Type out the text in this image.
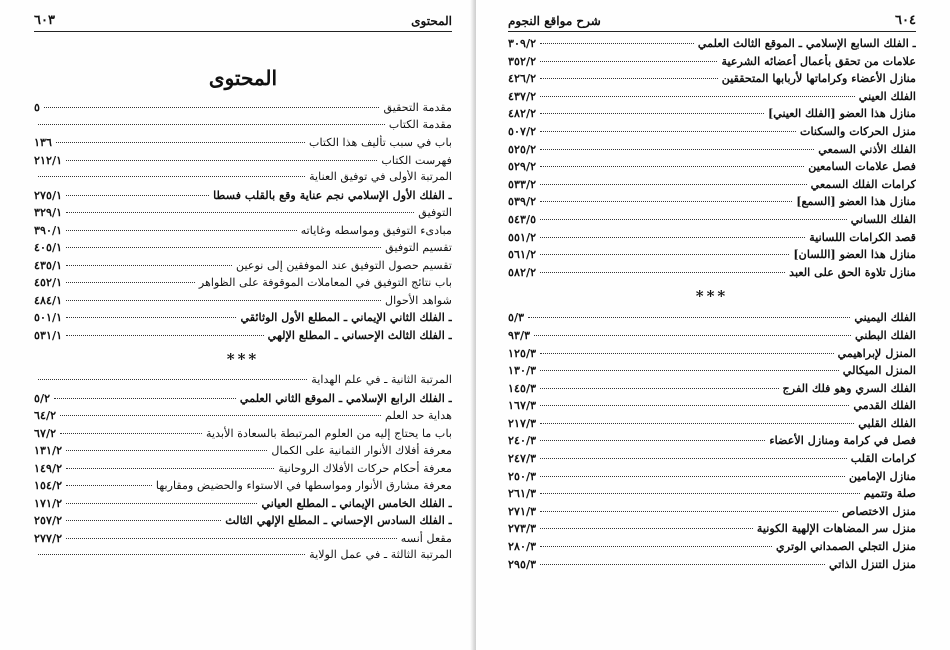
٦٠٣	المحتوى
المحتوى
مقدمة التحقيق
٥
مقدمة الكتاب
باب في سبب تأليف هذا الكتاب
١٣٦
فهرست الكتاب
٢١٢/١
المرتبة الأولى في توفيق العناية
ـ الفلك الأول الإسلامي نجم عناية وقع بالقلب فسطا
٢٧٥/١
التوفيق
٣٢٩/١
مبادىء التوفيق ومواسطه وغاياته
٣٩٠/١
تقسيم التوفيق
٤٠٥/١
تقسيم حصول التوفيق عند الموفقين إلى نوعين
٤٣٥/١
باب نتائج التوفيق في المعاملات الموقوفة على الظواهر
٤٥٢/١
شواهد الأحوال
٤٨٤/١
ـ الفلك الثاني الإيماني ـ المطلع الأول الوثائقي
٥٠١/١
ـ الفلك الثالث الإحساني ـ المطلع الإلهي
٥٣١/١
***
المرتبة الثانية ـ في علم الهداية
ـ الفلك الرابع الإسلامي ـ الموقع الثاني العلمي
٥/٢
هداية حد العلم
٦٤/٢
باب ما يحتاج إليه من العلوم المرتبطة بالسعادة الأبدية
٦٧/٢
معرفة أفلاك الأنوار الثمانية على الكمال
١٣١/٢
معرفة أحكام حركات الأفلاك الروحانية
١٤٩/٢
معرفة مشارق الأنوار ومواسطها في الاستواء والحضيض ومقاربها
١٥٤/٢
ـ الفلك الخامس الإيماني ـ المطلع العياني
١٧١/٢
ـ الفلك السادس الإحساني ـ المطلع الإلهي الثالث
٢٥٧/٢
مقعل أنسه
٢٧٧/٢
المرتبة الثالثة ـ في عمل الولاية
شرح مواقع النجوم	٦٠٤
ـ الفلك السابع الإسلامي ـ الموقع الثالث العلمي
٣٠٩/٢
علامات من تحقق بأعمال أعضائه الشرعية
٣٥٢/٢
منازل الأعضاء وكراماتها لأربابها المتحققين
٤٢٦/٢
الفلك العيني
٤٣٧/٢
منازل هذا العضو [الفلك العيني]
٤٨٢/٢
منزل الحركات والسكنات
٥٠٧/٢
الفلك الأذني السمعي
٥٢٥/٢
فصل علامات السامعين
٥٢٩/٢
كرامات الفلك السمعي
٥٣٣/٢
منازل هذا العضو [السمع]
٥٣٩/٢
الفلك اللساني
٥٤٣/٥
قصد الكرامات اللسانية
٥٥١/٢
منازل هذا العضو [اللسان]
٥٦١/٢
منازل تلاوة الحق على العبد
٥٨٢/٢
***
الفلك اليميني
٥/٣
الفلك البطني
٩٣/٣
المنزل لإبراهيمي
١٢٥/٣
المنزل الميكالي
١٣٠/٣
الفلك السري وهو فلك الفرج
١٤٥/٣
الفلك القدمي
١٦٧/٣
الفلك القلبي
٢١٧/٣
فصل في كرامة ومنازل الأعضاء
٢٤٠/٣
كرامات القلب
٢٤٧/٣
منازل الإمامين
٢٥٠/٣
صلة وتتميم
٢٦١/٣
منزل الاختصاص
٢٧١/٣
منزل سر المضاهات الإلهية الكونية
٢٧٣/٣
منزل التجلي الصمداني الوتري
٢٨٠/٣
منزل التنزل الذاتي
٢٩٥/٣
